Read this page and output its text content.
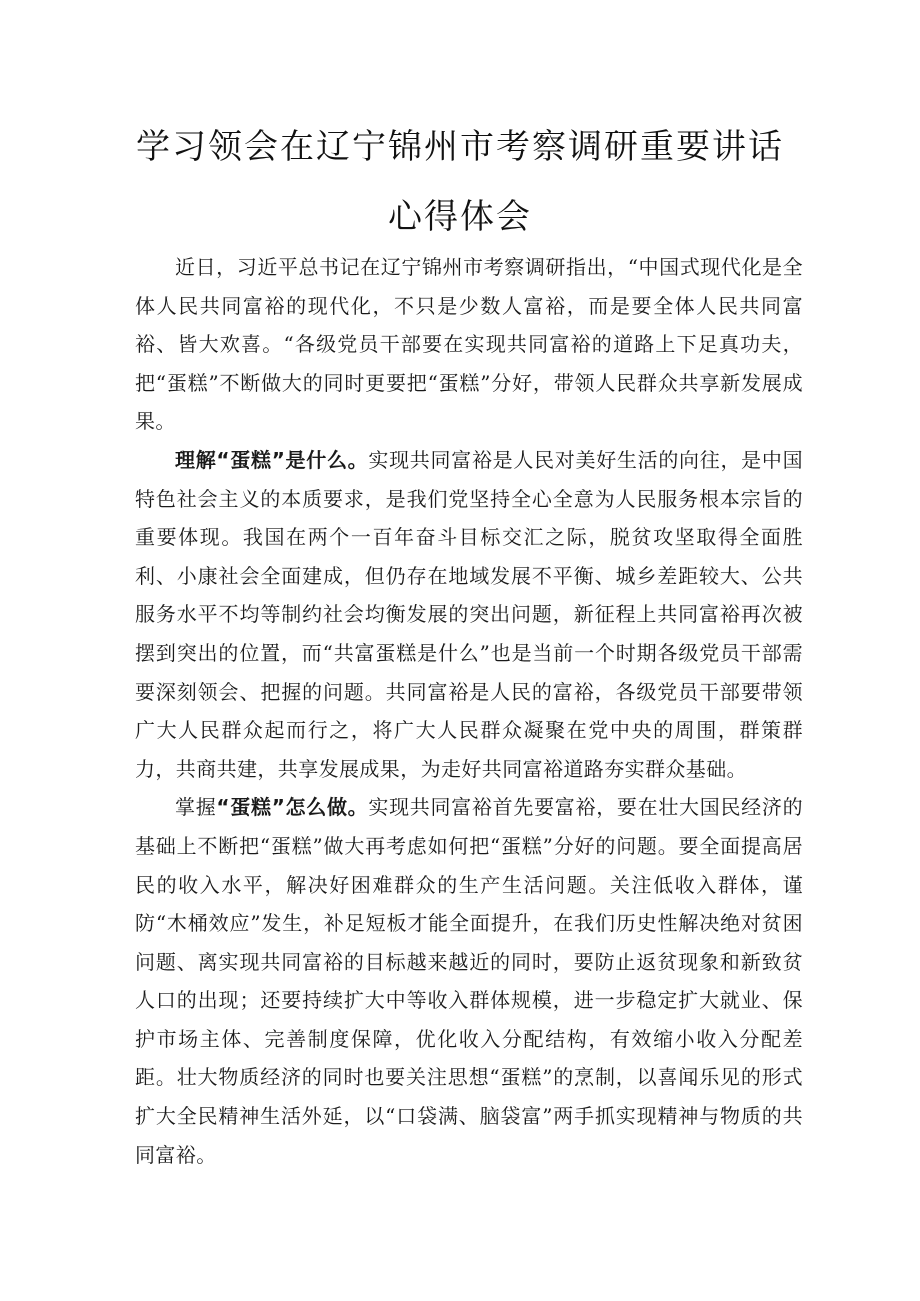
学习领会在辽宁锦州市考察调研重要讲话心得体会

近日，习近平总书记在辽宁锦州市考察调研指出，“中国式现代化是全体人民共同富裕的现代化，不只是少数人富裕，而是要全体人民共同富裕、皆大欢喜。“各级党员干部要在实现共同富裕的道路上下足真功夫，把“蛋糕”不断做大的同时更要把“蛋糕”分好，带领人民群众共享新发展成果。

理解“蛋糕”是什么。实现共同富裕是人民对美好生活的向往，是中国特色社会主义的本质要求，是我们党坚持全心全意为人民服务根本宗旨的重要体现。我国在两个一百年奋斗目标交汇之际，脱贫攻坚取得全面胜利、小康社会全面建成，但仍存在地域发展不平衡、城乡差距较大、公共服务水平不均等制约社会均衡发展的突出问题，新征程上共同富裕再次被摆到突出的位置，而“共富蛋糕是什么”也是当前一个时期各级党员干部需要深刻领会、把握的问题。共同富裕是人民的富裕，各级党员干部要带领广大人民群众起而行之，将广大人民群众凝聚在党中央的周围，群策群力，共商共建，共享发展成果，为走好共同富裕道路夯实群众基础。

掌握“蛋糕”怎么做。实现共同富裕首先要富裕，要在壮大国民经济的基础上不断把“蛋糕”做大再考虑如何把“蛋糕”分好的问题。要全面提高居民的收入水平，解决好困难群众的生产生活问题。关注低收入群体，谨防“木桶效应”发生，补足短板才能全面提升，在我们历史性解决绝对贫困问题、离实现共同富裕的目标越来越近的同时，要防止返贫现象和新致贫人口的出现；还要持续扩大中等收入群体规模，进一步稳定扩大就业、保护市场主体、完善制度保障，优化收入分配结构，有效缩小收入分配差距。壮大物质经济的同时也要关注思想“蛋糕”的烹制，以喜闻乐见的形式扩大全民精神生活外延，以“口袋满、脑袋富”两手抓实现精神与物质的共同富裕。
